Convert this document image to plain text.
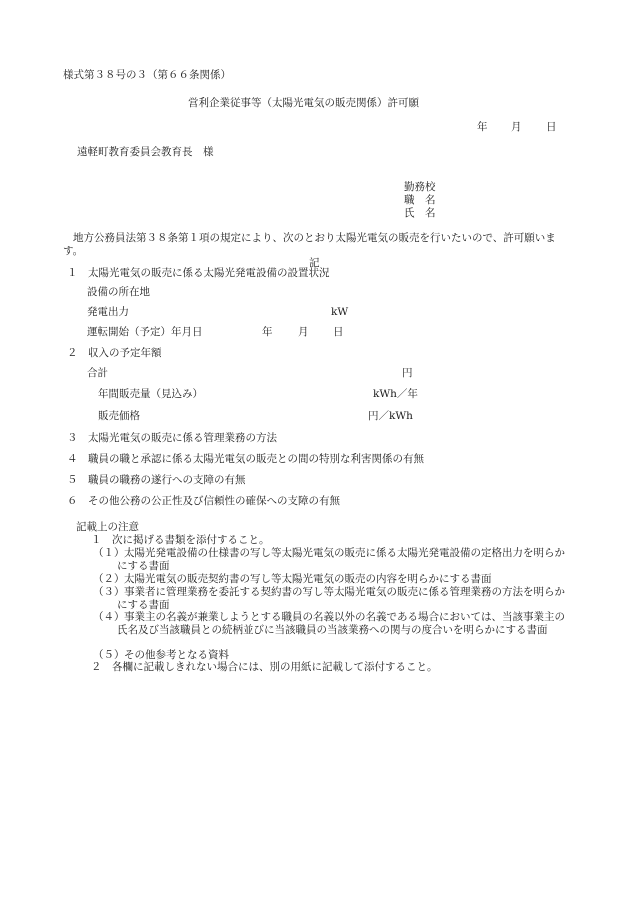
様式第３８号の３（第６６条関係）
営利企業従事等（太陽光電気の販売関係）許可願
年 月 日
遠軽町教育委員会教育長　様
勤務校
職　名
氏　名
地方公務員法第３８条第１項の規定により、次のとおり太陽光電気の販売を行いたいので、許可願います。
記
１　太陽光電気の販売に係る太陽光発電設備の設置状況
設備の所在地
発電出力	kW
運転開始（予定）年月日	年 月 日
２　収入の予定年額
合計	円
年間販売量（見込み）	kWh／年
販売価格	円／kWh
３　太陽光電気の販売に係る管理業務の方法
４　職員の職と承認に係る太陽光電気の販売との間の特別な利害関係の有無
５　職員の職務の遂行への支障の有無
６　その他公務の公正性及び信頼性の確保への支障の有無
記載上の注意
１　次に掲げる書類を添付すること。
（１） 太陽光発電設備の仕様書の写し等太陽光電気の販売に係る太陽光発電設備の定格出力を明らかにする書面
（２） 太陽光電気の販売契約書の写し等太陽光電気の販売の内容を明らかにする書面
（３） 事業者に管理業務を委託する契約書の写し等太陽光電気の販売に係る管理業務の方法を明らかにする書面
（４） 事業主の名義が兼業しようとする職員の名義以外の名義である場合においては、当該事業主の氏名及び当該職員との続柄並びに当該職員の当該業務への関与の度合いを明らかにする書面
（５） その他参考となる資料
２　各欄に記載しきれない場合には、別の用紙に記載して添付すること。
